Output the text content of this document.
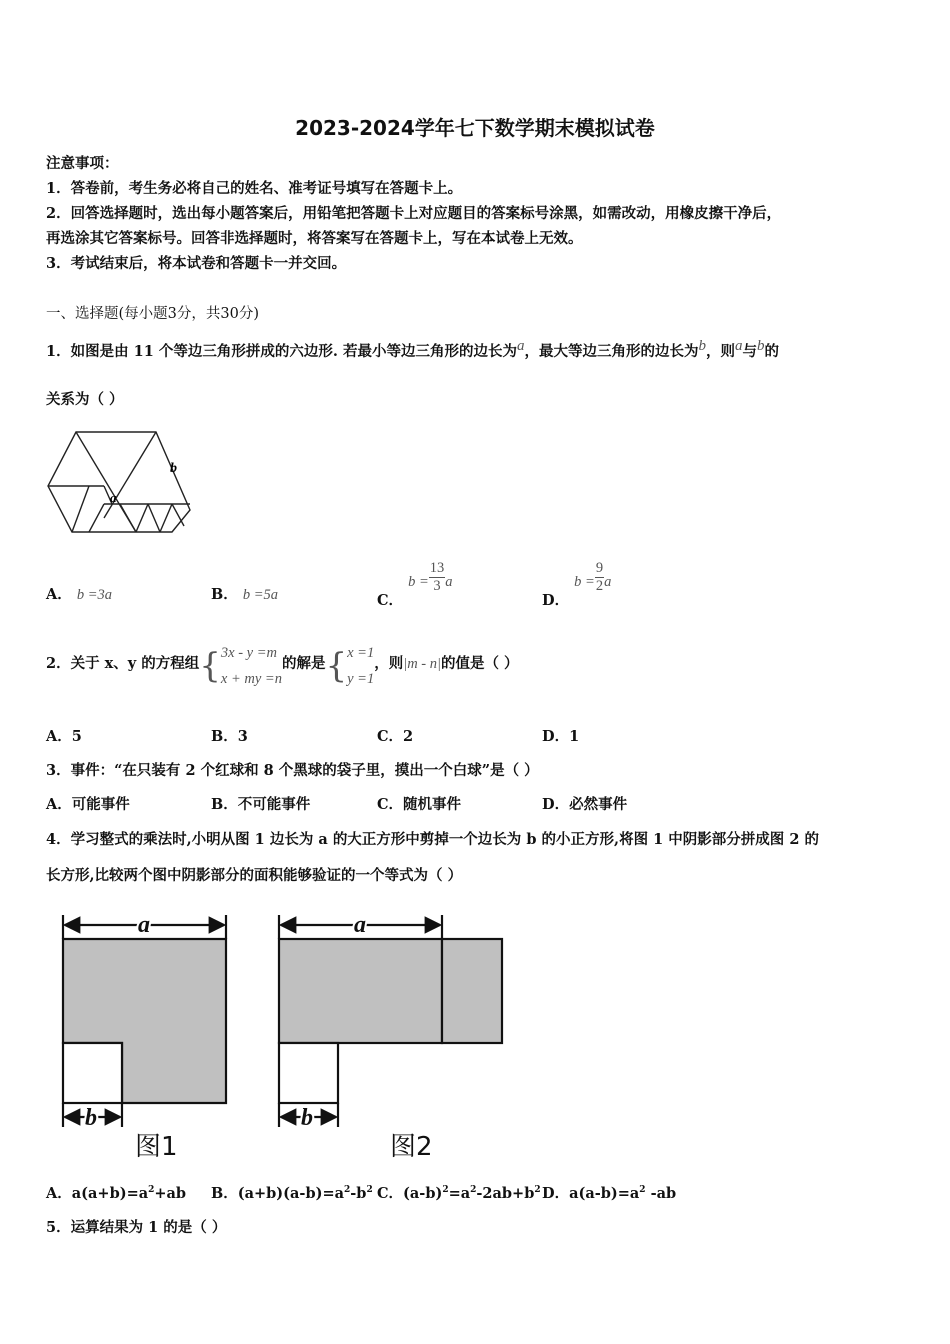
2023-2024学年七下数学期末模拟试卷
注意事项：
1．答卷前，考生务必将自己的姓名、准考证号填写在答题卡上。
2．回答选择题时，选出每小题答案后，用铅笔把答题卡上对应题目的答案标号涂黑，如需改动，用橡皮擦干净后，
再选涂其它答案标号。回答非选择题时，将答案写在答题卡上，写在本试卷上无效。
3．考试结束后，将本试卷和答题卡一并交回。
一、选择题(每小题3分，共30分)
1．如图是由 11 个等边三角形拼成的六边形. 若最小等边三角形的边长为$^a$，最大等边三角形的边长为$^b$，则$^a$与$^b$的
关系为（ ）
b
a
A． b =3a	B． b =5a	C． $b = \frac{13}{3}$ a
D． $b = \frac{9}{2}$ a
2．关于 x、y 的方程组{ 3x - y =m
x + my =n
的解是{ x =1
y =1
，则|m - n|的值是（ ）
A．5	B．3	C．2	D．1
3．事件：“在只装有 2 个红球和 8 个黑球的袋子里，摸出一个白球”是（ ）
A．可能事件	B．不可能事件	C．随机事件	D．必然事件
4．学习整式的乘法时,小明从图 1 边长为 a 的大正方形中剪掉一个边长为 b 的小正方形,将图 1 中阴影部分拼成图 2 的
长方形,比较两个图中阴影部分的面积能够验证的一个等式为（ ）
a
b
图1
a
b
图2
A．$a(a+b)=a^2+ab$ B．$(a+b)(a-b)=a^2-b^2$ C．$(a-b)^2=a^2-2ab+b^2$ D．$a(a-b)=a^2$ -ab
5．运算结果为 1 的是（ ）
